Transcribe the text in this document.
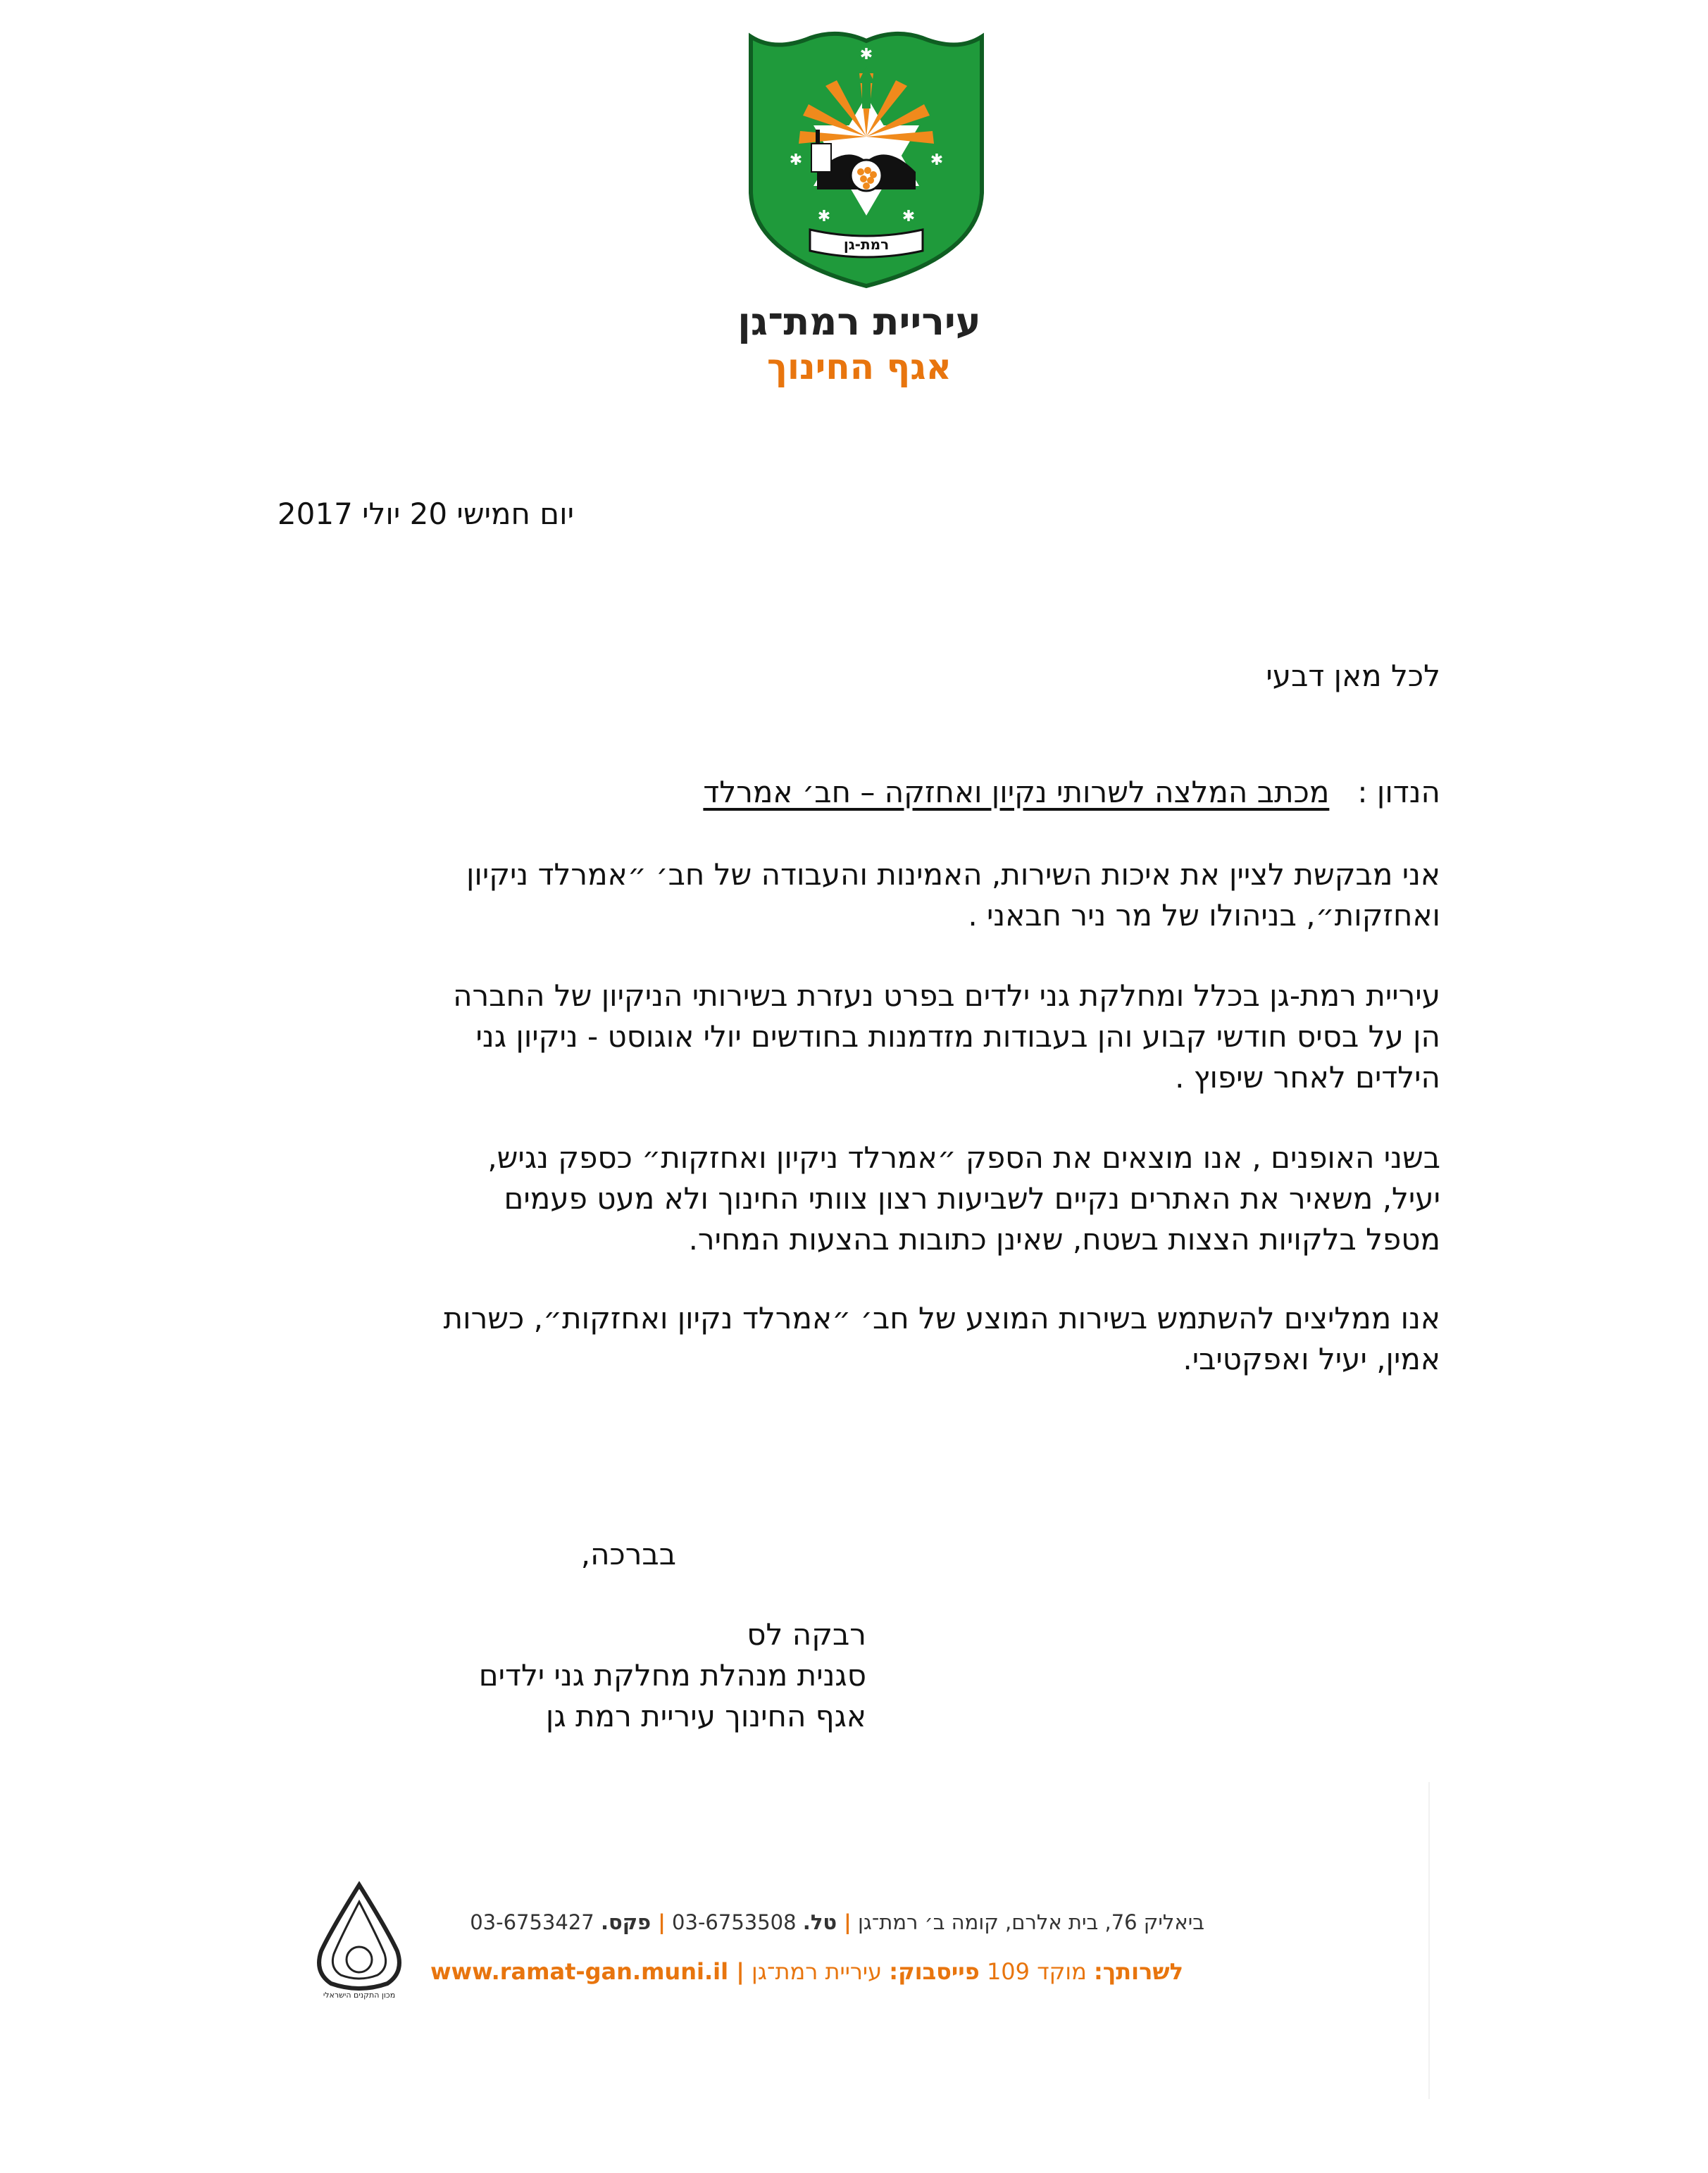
✱
✱	✱
✱	✱
רמת-גן
עיריית רמת־גן
אגף החינוך
יום חמישי 20 יולי 2017
לכל מאן דבעי
הנדון :   מכתב המלצה לשרותי נקיון ואחזקה – חב׳ אמרלד
אני מבקשת לציין את איכות השירות, האמינות והעבודה של חב׳ ״אמרלד ניקיון
ואחזקות״, בניהולו של מר ניר חבאני .
עיריית רמת-גן בכלל ומחלקת גני ילדים בפרט נעזרת בשירותי הניקיון של החברה
הן על בסיס חודשי קבוע והן בעבודות מזדמנות בחודשים יולי אוגוסט - ניקיון גני
הילדים לאחר שיפוץ .
בשני האופנים , אנו מוצאים את הספק ״אמרלד ניקיון ואחזקות״ כספק נגיש,
יעיל, משאיר את האתרים נקיים לשביעות רצון צוותי החינוך ולא מעט פעמים
מטפל בלקויות הצצות בשטח, שאינן כתובות בהצעות המחיר.
אנו ממליצים להשתמש בשירות המוצע של חב׳ ״אמרלד נקיון ואחזקות״, כשרות
אמין, יעיל ואפקטיבי.
בברכה,
רבקה לס
סגנית מנהלת מחלקת גני ילדים
אגף החינוך עיריית רמת גן
מכון התקנים הישראלי
ביאליק 76, בית אלרם, קומה ב׳ רמת־גן | טל. 03-6753508 | פקס. 03-6753427
לשרותך: מוקד 109 פייסבוק: עיריית רמת־גן | www.ramat-gan.muni.il
